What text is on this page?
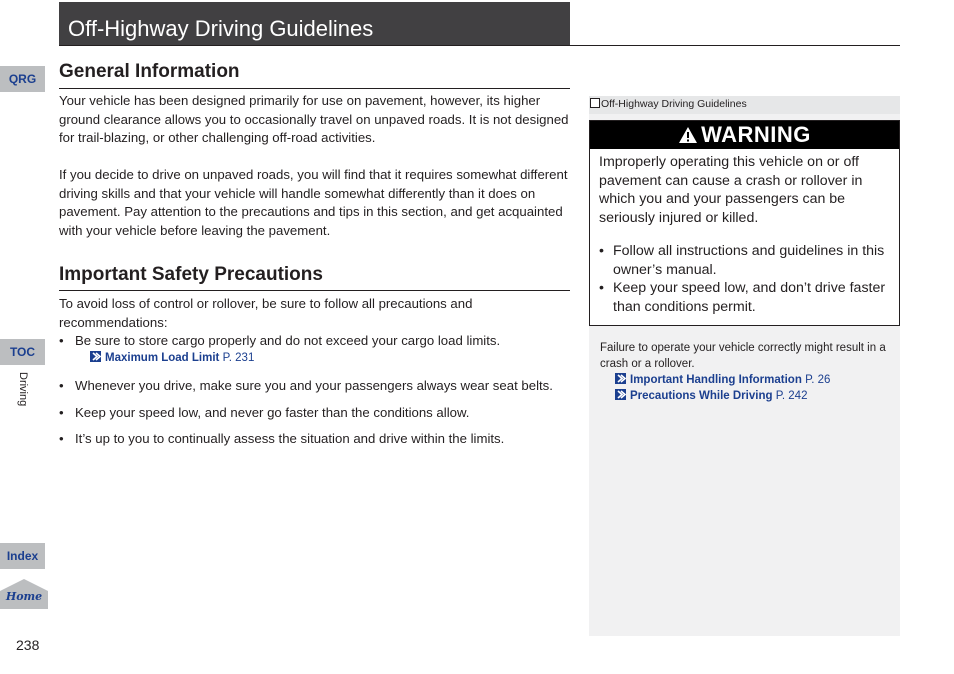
Off-Highway Driving Guidelines
QRG
TOC
Driving
Index
Home
238
General Information

Your vehicle has been designed primarily for use on pavement, however, its higher ground clearance allows you to occasionally travel on unpaved roads. It is not designed for trail-blazing, or other challenging off-road activities.

If you decide to drive on unpaved roads, you will find that it requires somewhat different driving skills and that your vehicle will handle somewhat differently than it does on pavement. Pay attention to the precautions and tips in this section, and get acquainted with your vehicle before leaving the pavement.

Important Safety Precautions

To avoid loss of control or rollover, be sure to follow all precautions and recommendations:

• Be sure to store cargo properly and do not exceed your cargo load limits.
Maximum Load Limit P. 231
• Whenever you drive, make sure you and your passengers always wear seat belts.
• Keep your speed low, and never go faster than the conditions allow.
• It’s up to you to continually assess the situation and drive within the limits.
Off-Highway Driving Guidelines
WARNING
Improperly operating this vehicle on or off pavement can cause a crash or rollover in which you and your passengers can be seriously injured or killed.
• Follow all instructions and guidelines in this owner’s manual.
• Keep your speed low, and don’t drive faster than conditions permit.
Failure to operate your vehicle correctly might result in a crash or a rollover.
Important Handling Information P. 26
Precautions While Driving P. 242
